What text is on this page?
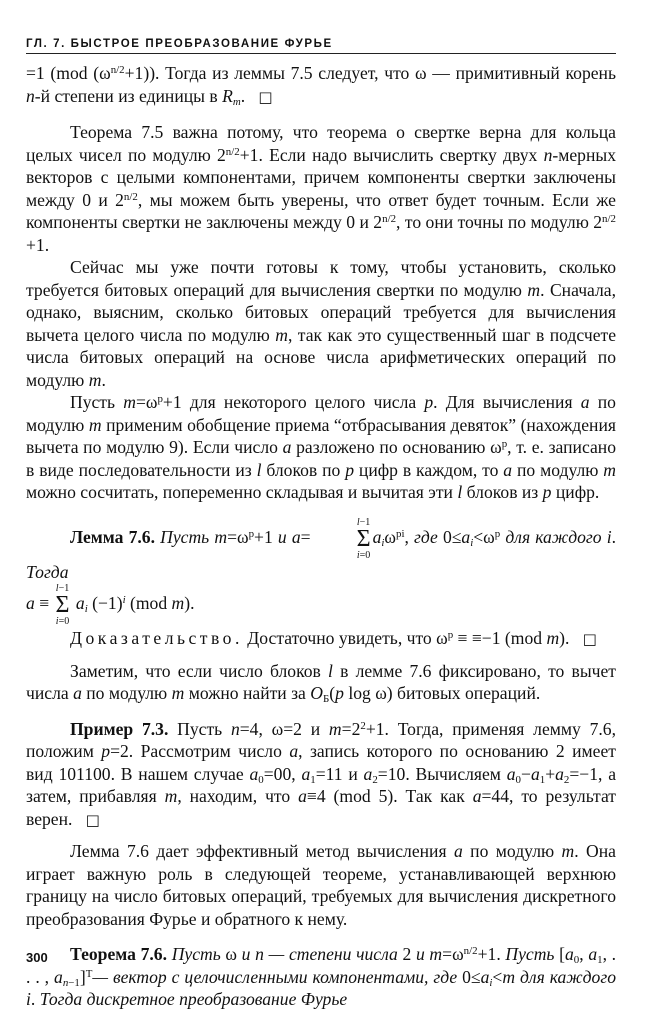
ГЛ. 7. БЫСТРОЕ ПРЕОБРАЗОВАНИЕ ФУРЬЕ

=1 (mod $(\omega^{n/2}+1)$). Тогда из леммы 7.5 следует, что ω — примитивный корень n-й степени из единицы в $R_m$.   □

Теорема 7.5 важна потому, что теорема о свертке верна для кольца целых чисел по модулю $2^{n/2}+1$. Если надо вычислить свертку двух n-мерных векторов с целыми компонентами, причем компоненты свертки заключены между 0 и $2^{n/2}$, мы можем быть уверены, что ответ будет точным. Если же компоненты свертки не заключены между 0 и $2^{n/2}$, то они точны по модулю $2^{n/2} +1$.

Сейчас мы уже почти готовы к тому, чтобы установить, сколько требуется битовых операций для вычисления свертки по модулю m. Сначала, однако, выясним, сколько битовых операций требуется для вычисления вычета целого числа по модулю m, так как это существенный шаг в подсчете числа битовых операций на основе числа арифметических операций по модулю m.

Пусть $m=\omega^p+1$ для некоторого целого числа p. Для вычисления a по модулю m применим обобщение приема “отбрасывания девяток” (нахождения вычета по модулю 9). Если число a разложено по основанию $\omega^p$, т. е. записано в виде последовательности из l блоков по p цифр в каждом, то a по модулю m можно сосчитать, попеременно складывая и вычитая эти l блоков из p цифр.

Лемма 7.6. Пусть $m=\omega^p+1$ и a=
l−1
Σ
i=0
$a_i\omega^{pi}$, где $0\le a_i<\omega^p$ для каждого i. Тогда

a ≡
l−1
Σ
i=0
$a_i$ $(-1)^i$ (mod m).

Доказательство. Достаточно увидеть, что $\omega^p \equiv \equiv-1$ (mod m).   □

Заметим, что если число блоков l в лемме 7.6 фиксировано, то вычет числа a по модулю m можно найти за $O_Б(p$ log ω) битовых операций.

Пример 7.3. Пусть n=4, ω=2 и $m=2^2+1$. Тогда, применяя лемму 7.6, положим p=2. Рассмотрим число a, запись которого по основанию 2 имеет вид 101100. В нашем случае $a_0=00$, $a_1=11$ и $a_2=10$. Вычисляем $a_0-a_1+a_2=-1$, а затем, прибавляя m, находим, что a≡4 (mod 5). Так как a=44, то результат верен.   □

Лемма 7.6 дает эффективный метод вычисления a по модулю m. Она играет важную роль в следующей теореме, устанавливающей верхнюю границу на число битовых операций, требуемых для вычисления дискретного преобразования Фурье и обратного к нему.

Теорема 7.6. Пусть ω и n — степени числа 2 и $m=\omega^{n/2}+1$. Пусть [$a_0$, $a_1$, . . . , $a_{n-1}]^T—$ вектор с целочисленными компонентами, где $0\le a_i<m$ для каждого i. Тогда дискретное преобразование Фурье

300
